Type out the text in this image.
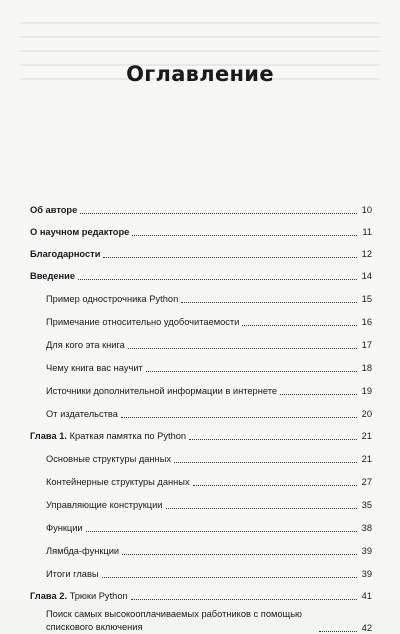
Оглавление
Об авторе	10
О научном редакторе	11
Благодарности	12
Введение	14
Пример однострочника Python	15
Примечание относительно удобочитаемости	16
Для кого эта книга	17
Чему книга вас научит	18
Источники дополнительной информации в интернете	19
От издательства	20
Глава 1. Краткая памятка по Python	21
Основные структуры данных	21
Контейнерные структуры данных	27
Управляющие конструкции	35
Функции	38
Лямбда-функции	39
Итоги главы	39
Глава 2. Трюки Python	41
Поиск самых высокооплачиваемых работников с помощью спискового включения	42
